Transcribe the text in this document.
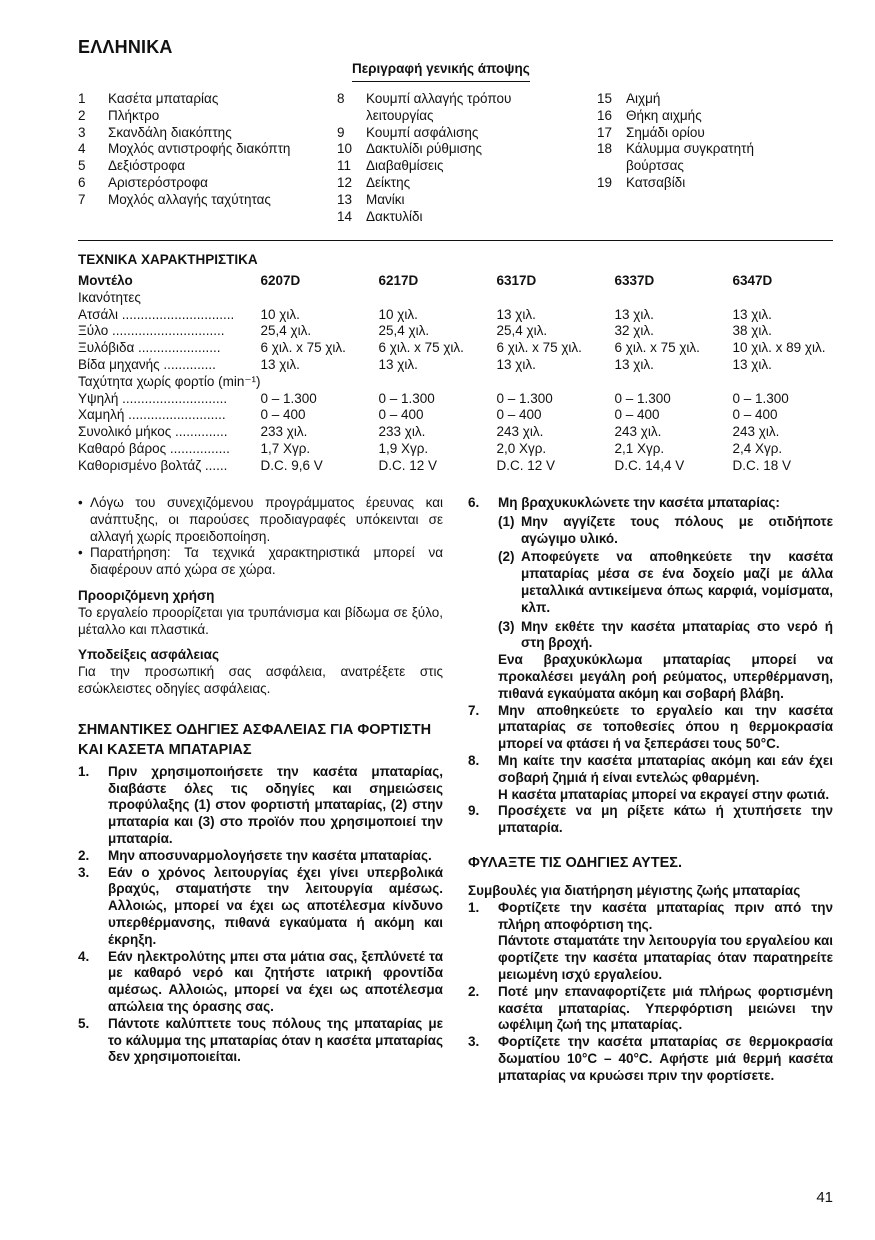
ΕΛΛΗΝΙΚΑ
Περιγραφή γενικής άποψης
1	Κασέτα μπαταρίας
2	Πλήκτρο
3	Σκανδάλη διακόπτης
4	Μοχλός αντιστροφής διακόπτη
5	Δεξιόστροφα
6	Αριστερόστροφα
7	Μοχλός αλλαγής ταχύτητας
8	Κουμπί αλλαγής τρόπου λειτουργίας
9	Κουμπί ασφάλισης
10	Δακτυλίδι ρύθμισης
11	Διαβαθμίσεις
12	Δείκτης
13	Μανίκι
14	Δακτυλίδι
15	Αιχμή
16	Θήκη αιχμής
17	Σημάδι ορίου
18	Κάλυμμα συγκρατητή βούρτσας
19	Κατσαβίδι
ΤΕΧΝΙΚΑ ΧΑΡΑΚΤΗΡΙΣΤΙΚΑ
Μοντέλο	6207D	6217D	6317D	6337D	6347D
Ικανότητες					
Ατσάλι ..............................	10 χιλ.	10 χιλ.	13 χιλ.	13 χιλ.	13 χιλ.
Ξύλο ..............................	25,4 χιλ.	25,4 χιλ.	25,4 χιλ.	32 χιλ.	38 χιλ.
Ξυλόβιδα ......................	6 χιλ. x 75 χιλ.	6 χιλ. x 75 χιλ.	6 χιλ. x 75 χιλ.	6 χιλ. x 75 χιλ.	10 χιλ. x 89 χιλ.
Βίδα μηχανής ..............	13 χιλ.	13 χιλ.	13 χιλ.	13 χιλ.	13 χιλ.
Ταχύτητα χωρίς φορτίο (min⁻¹)					
Υψηλή ............................	0 – 1.300	0 – 1.300	0 – 1.300	0 – 1.300	0 – 1.300
Χαμηλή ..........................	0 – 400	0 – 400	0 – 400	0 – 400	0 – 400
Συνολικό μήκος ..............	233 χιλ.	233 χιλ.	243 χιλ.	243 χιλ.	243 χιλ.
Καθαρό βάρος ................	1,7 Χγρ.	1,9 Χγρ.	2,0 Χγρ.	2,1 Χγρ.	2,4 Χγρ.
Καθορισμένο βολτάζ ......	D.C. 9,6 V	D.C. 12 V	D.C. 12 V	D.C. 14,4 V	D.C. 18 V
• Λόγω του συνεχιζόμενου προγράμματος έρευνας και ανάπτυξης, οι παρούσες προδιαγραφές υπόκεινται σε αλλαγή χωρίς προειδοποίηση.
• Παρατήρηση: Τα τεχνικά χαρακτηριστικά μπορεί να διαφέρουν από χώρα σε χώρα.
Προοριζόμενη χρήση
Το εργαλείο προορίζεται για τρυπάνισμα και βίδωμα σε ξύλο, μέταλλο και πλαστικά.
Υποδείξεις ασφάλειας
Για την προσωπική σας ασφάλεια, ανατρέξετε στις εσώκλειστες οδηγίες ασφάλειας.
ΣΗΜΑΝΤΙΚΕΣ ΟΔΗΓΙΕΣ ΑΣΦΑΛΕΙΑΣ ΓΙΑ ΦΟΡΤΙΣΤΗ ΚΑΙ ΚΑΣΕΤΑ ΜΠΑΤΑΡΙΑΣ
1.	Πριν χρησιμοποιήσετε την κασέτα μπαταρίας, διαβάστε όλες τις οδηγίες και σημειώσεις προφύλαξης (1) στον φορτιστή μπαταρίας, (2) στην μπαταρία και (3) στο προϊόν που χρησιμοποιεί την μπαταρία.
2.	Μην αποσυναρμολογήσετε την κασέτα μπαταρίας.
3.	Εάν ο χρόνος λειτουργίας έχει γίνει υπερβολικά βραχύς, σταματήστε την λειτουργία αμέσως. Αλλοιώς, μπορεί να έχει ως αποτέλεσμα κίνδυνο υπερθέρμανσης, πιθανά εγκαύματα ή ακόμη και έκρηξη.
4.	Εάν ηλεκτρολύτης μπει στα μάτια σας, ξεπλύνετέ τα με καθαρό νερό και ζητήστε ιατρική φροντίδα αμέσως. Αλλοιώς, μπορεί να έχει ως αποτέλεσμα απώλεια της όρασης σας.
5.	Πάντοτε καλύπτετε τους πόλους της μπαταρίας με το κάλυμμα της μπαταρίας όταν η κασέτα μπαταρίας δεν χρησιμοποιείται.
6.	Μη βραχυκυκλώνετε την κασέτα μπαταρίας:
(1) Μην αγγίζετε τους πόλους με οτιδήποτε αγώγιμο υλικό.
(2) Αποφεύγετε να αποθηκεύετε την κασέτα μπαταρίας μέσα σε ένα δοχείο μαζί με άλλα μεταλλικά αντικείμενα όπως καρφιά, νομίσματα, κλπ.
(3) Μην εκθέτε την κασέτα μπαταρίας στο νερό ή στη βροχή.
Ενα βραχυκύκλωμα μπαταρίας μπορεί να προκαλέσει μεγάλη ροή ρεύματος, υπερθέρμανση, πιθανά εγκαύματα ακόμη και σοβαρή βλάβη.
7.	Μην αποθηκεύετε το εργαλείο και την κασέτα μπαταρίας σε τοποθεσίες όπου η θερμοκρασία μπορεί να φτάσει ή να ξεπεράσει τους 50°C.
8.	Μη καίτε την κασέτα μπαταρίας ακόμη και εάν έχει σοβαρή ζημιά ή είναι εντελώς φθαρμένη.
Η κασέτα μπαταρίας μπορεί να εκραγεί στην φωτιά.
9.	Προσέχετε να μη ρίξετε κάτω ή χτυπήσετε την μπαταρία.
ΦΥΛΑΞΤΕ ΤΙΣ ΟΔΗΓΙΕΣ ΑΥΤΕΣ.
Συμβουλές για διατήρηση μέγιστης ζωής μπαταρίας
1.	Φορτίζετε την κασέτα μπαταρίας πριν από την πλήρη αποφόρτιση της.
Πάντοτε σταματάτε την λειτουργία του εργαλείου και φορτίζετε την κασέτα μπαταρίας όταν παρατηρείτε μειωμένη ισχύ εργαλείου.
2.	Ποτέ μην επαναφορτίζετε μιά πλήρως φορτισμένη κασέτα μπαταρίας. Υπερφόρτιση μειώνει την ωφέλιμη ζωή της μπαταρίας.
3.	Φορτίζετε την κασέτα μπαταρίας σε θερμοκρασία δωματίου 10°C – 40°C. Αφήστε μιά θερμή κασέτα μπαταρίας να κρυώσει πριν την φορτίσετε.
41
